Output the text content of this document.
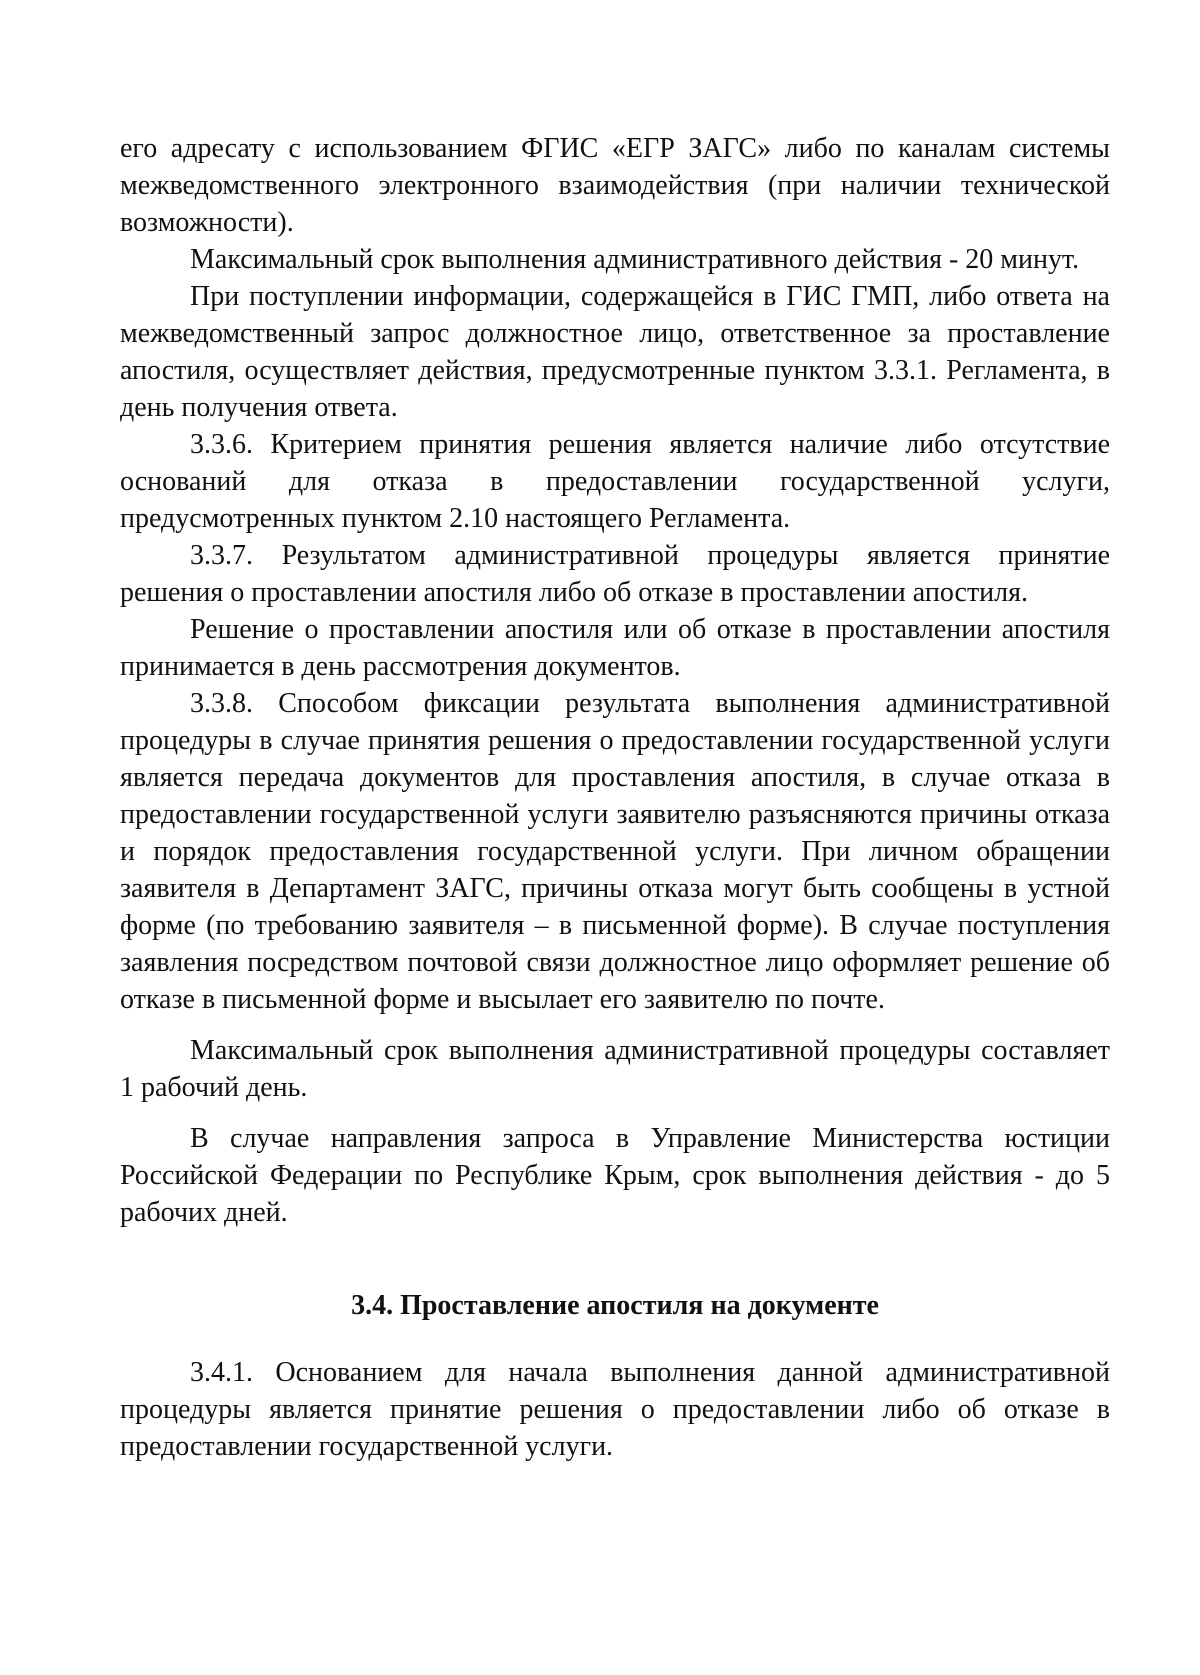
его адресату с использованием ФГИС «ЕГР ЗАГС» либо по каналам системы межведомственного электронного взаимодействия (при наличии технической возможности).

Максимальный срок выполнения административного действия - 20 минут.

При поступлении информации, содержащейся в ГИС ГМП, либо ответа на межведомственный запрос должностное лицо, ответственное за проставление апостиля, осуществляет действия, предусмотренные пунктом 3.3.1. Регламента, в день получения ответа.

3.3.6. Критерием принятия решения является наличие либо отсутствие оснований для отказа в предоставлении государственной услуги, предусмотренных пунктом 2.10 настоящего Регламента.

3.3.7. Результатом административной процедуры является принятие решения о проставлении апостиля либо об отказе в проставлении апостиля.

Решение о проставлении апостиля или об отказе в проставлении апостиля принимается в день рассмотрения документов.

3.3.8. Способом фиксации результата выполнения административной процедуры в случае принятия решения о предоставлении государственной услуги является передача документов для проставления апостиля, в случае отказа в предоставлении государственной услуги заявителю разъясняются причины отказа и порядок предоставления государственной услуги. При личном обращении заявителя в Департамент ЗАГС, причины отказа могут быть сообщены в устной форме (по требованию заявителя – в письменной форме). В случае поступления заявления посредством почтовой связи должностное лицо оформляет решение об отказе в письменной форме и высылает его заявителю по почте.

Максимальный срок выполнения административной процедуры составляет 1 рабочий день.

В случае направления запроса в Управление Министерства юстиции Российской Федерации по Республике Крым, срок выполнения действия - до 5 рабочих дней.

3.4. Проставление апостиля на документе

3.4.1. Основанием для начала выполнения данной административной процедуры является принятие решения о предоставлении либо об отказе в предоставлении государственной услуги.
